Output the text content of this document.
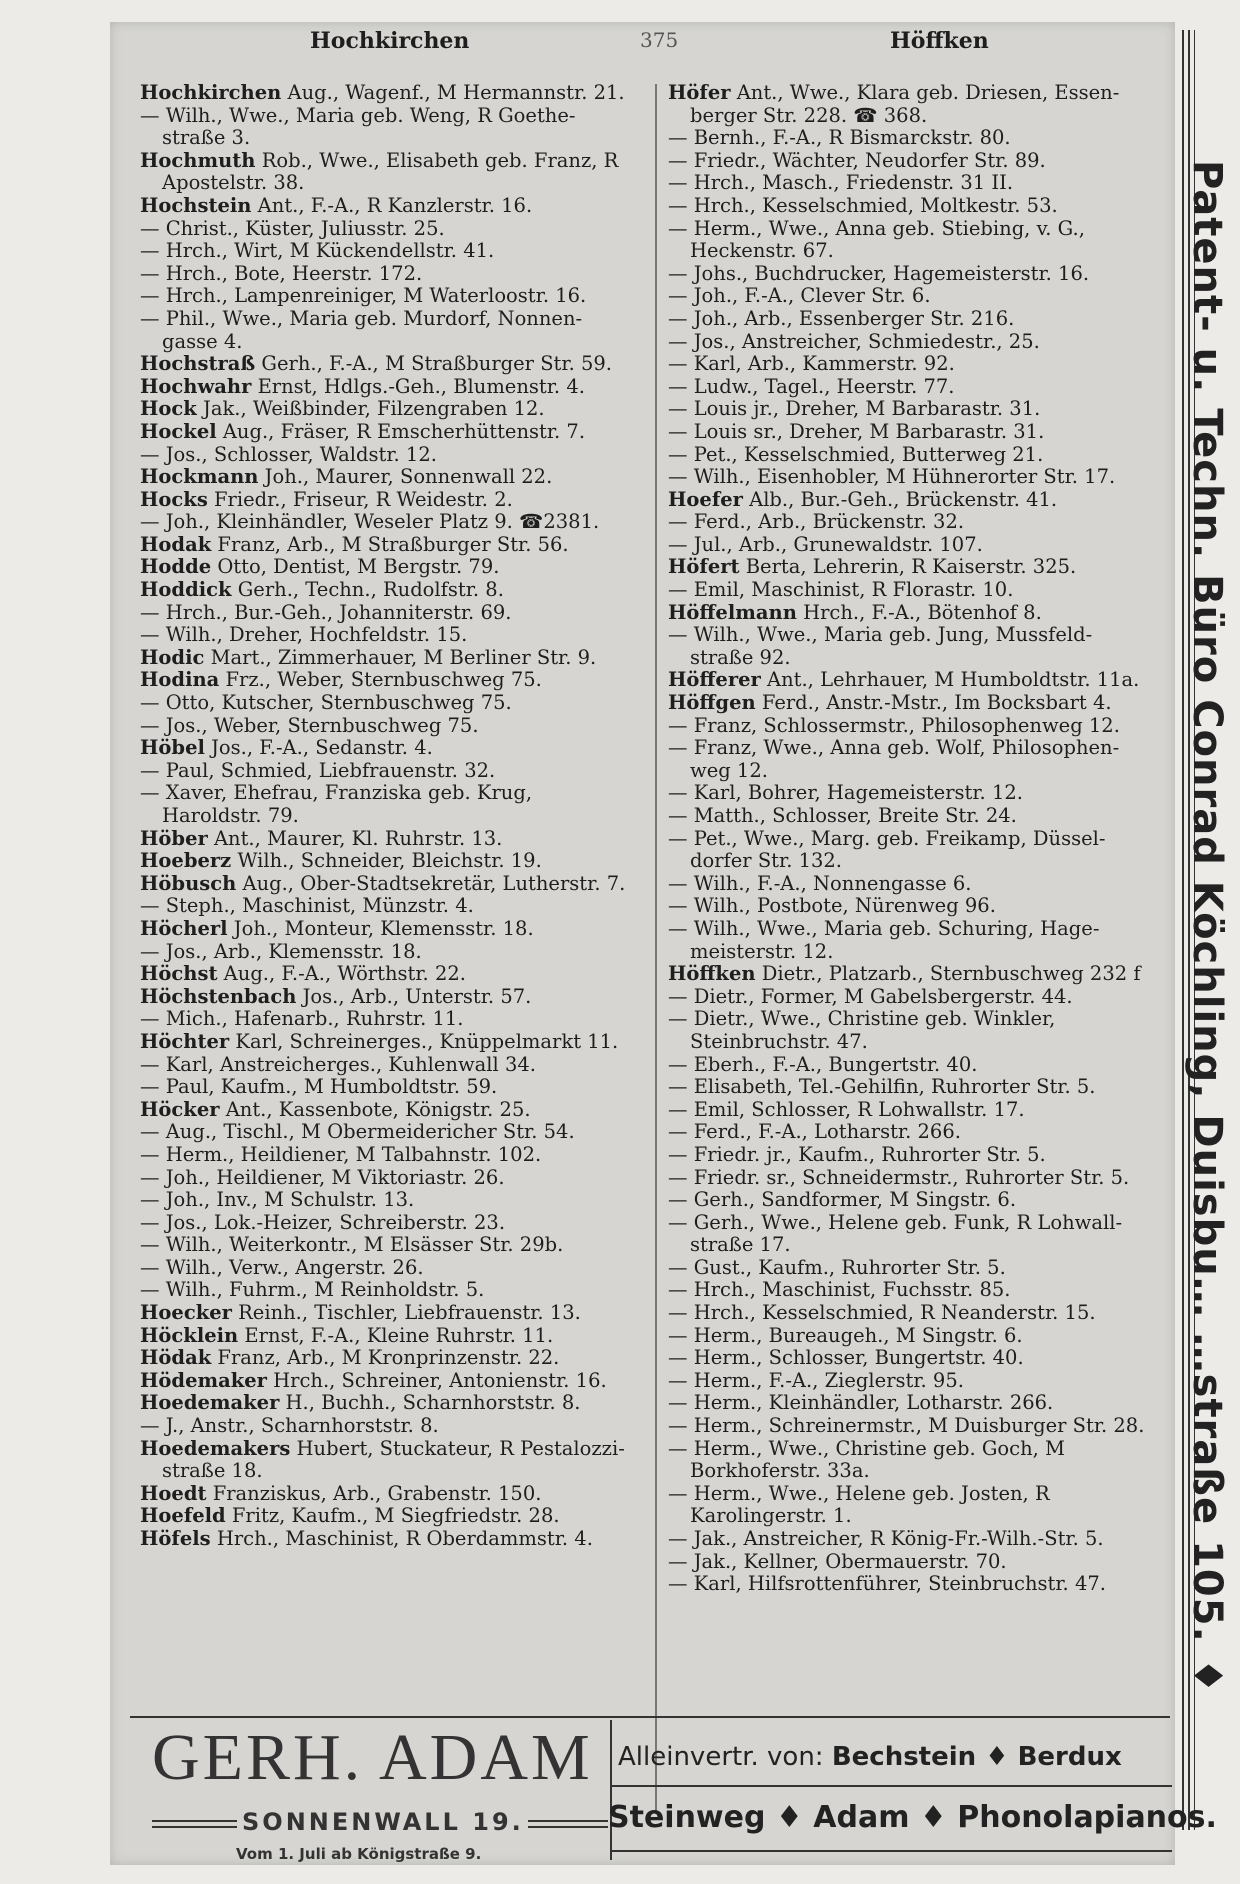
Hochkirchen	375	Höffken
Hochkirchen Aug., Wagenf., M Hermannstr. 21.
— Wilh., Wwe., Maria geb. Weng, R Goethe-
straße 3.
Hochmuth Rob., Wwe., Elisabeth geb. Franz, R
Apostelstr. 38.
Hochstein Ant., F.-A., R Kanzlerstr. 16.
— Christ., Küster, Juliusstr. 25.
— Hrch., Wirt, M Kückendellstr. 41.
— Hrch., Bote, Heerstr. 172.
— Hrch., Lampenreiniger, M Waterloostr. 16.
— Phil., Wwe., Maria geb. Murdorf, Nonnen-
gasse 4.
Hochstraß Gerh., F.-A., M Straßburger Str. 59.
Hochwahr Ernst, Hdlgs.-Geh., Blumenstr. 4.
Hock Jak., Weißbinder, Filzengraben 12.
Hockel Aug., Fräser, R Emscherhüttenstr. 7.
— Jos., Schlosser, Waldstr. 12.
Hockmann Joh., Maurer, Sonnenwall 22.
Hocks Friedr., Friseur, R Weidestr. 2.
— Joh., Kleinhändler, Weseler Platz 9. ☎2381.
Hodak Franz, Arb., M Straßburger Str. 56.
Hodde Otto, Dentist, M Bergstr. 79.
Hoddick Gerh., Techn., Rudolfstr. 8.
— Hrch., Bur.-Geh., Johanniterstr. 69.
— Wilh., Dreher, Hochfeldstr. 15.
Hodic Mart., Zimmerhauer, M Berliner Str. 9.
Hodina Frz., Weber, Sternbuschweg 75.
— Otto, Kutscher, Sternbuschweg 75.
— Jos., Weber, Sternbuschweg 75.
Höbel Jos., F.-A., Sedanstr. 4.
— Paul, Schmied, Liebfrauenstr. 32.
— Xaver, Ehefrau, Franziska geb. Krug,
Haroldstr. 79.
Höber Ant., Maurer, Kl. Ruhrstr. 13.
Hoeberz Wilh., Schneider, Bleichstr. 19.
Höbusch Aug., Ober-Stadtsekretär, Lutherstr. 7.
— Steph., Maschinist, Münzstr. 4.
Höcherl Joh., Monteur, Klemensstr. 18.
— Jos., Arb., Klemensstr. 18.
Höchst Aug., F.-A., Wörthstr. 22.
Höchstenbach Jos., Arb., Unterstr. 57.
— Mich., Hafenarb., Ruhrstr. 11.
Höchter Karl, Schreinerges., Knüppelmarkt 11.
— Karl, Anstreicherges., Kuhlenwall 34.
— Paul, Kaufm., M Humboldtstr. 59.
Höcker Ant., Kassenbote, Königstr. 25.
— Aug., Tischl., M Obermeidericher Str. 54.
— Herm., Heildiener, M Talbahnstr. 102.
— Joh., Heildiener, M Viktoriastr. 26.
— Joh., Inv., M Schulstr. 13.
— Jos., Lok.-Heizer, Schreiberstr. 23.
— Wilh., Weiterkontr., M Elsässer Str. 29b.
— Wilh., Verw., Angerstr. 26.
— Wilh., Fuhrm., M Reinholdstr. 5.
Hoecker Reinh., Tischler, Liebfrauenstr. 13.
Höcklein Ernst, F.-A., Kleine Ruhrstr. 11.
Hödak Franz, Arb., M Kronprinzenstr. 22.
Hödemaker Hrch., Schreiner, Antonienstr. 16.
Hoedemaker H., Buchh., Scharnhorststr. 8.
— J., Anstr., Scharnhorststr. 8.
Hoedemakers Hubert, Stuckateur, R Pestalozzi-
straße 18.
Hoedt Franziskus, Arb., Grabenstr. 150.
Hoefeld Fritz, Kaufm., M Siegfriedstr. 28.
Höfels Hrch., Maschinist, R Oberdammstr. 4.
Höfer Ant., Wwe., Klara geb. Driesen, Essen-
berger Str. 228. ☎ 368.
— Bernh., F.-A., R Bismarckstr. 80.
— Friedr., Wächter, Neudorfer Str. 89.
— Hrch., Masch., Friedenstr. 31 II.
— Hrch., Kesselschmied, Moltkestr. 53.
— Herm., Wwe., Anna geb. Stiebing, v. G.,
Heckenstr. 67.
— Johs., Buchdrucker, Hagemeisterstr. 16.
— Joh., F.-A., Clever Str. 6.
— Joh., Arb., Essenberger Str. 216.
— Jos., Anstreicher, Schmiedestr., 25.
— Karl, Arb., Kammerstr. 92.
— Ludw., Tagel., Heerstr. 77.
— Louis jr., Dreher, M Barbarastr. 31.
— Louis sr., Dreher, M Barbarastr. 31.
— Pet., Kesselschmied, Butterweg 21.
— Wilh., Eisenhobler, M Hühnerorter Str. 17.
Hoefer Alb., Bur.-Geh., Brückenstr. 41.
— Ferd., Arb., Brückenstr. 32.
— Jul., Arb., Grunewaldstr. 107.
Höfert Berta, Lehrerin, R Kaiserstr. 325.
— Emil, Maschinist, R Florastr. 10.
Höffelmann Hrch., F.-A., Bötenhof 8.
— Wilh., Wwe., Maria geb. Jung, Mussfeld-
straße 92.
Höfferer Ant., Lehrhauer, M Humboldtstr. 11a.
Höffgen Ferd., Anstr.-Mstr., Im Bocksbart 4.
— Franz, Schlossermstr., Philosophenweg 12.
— Franz, Wwe., Anna geb. Wolf, Philosophen-
weg 12.
— Karl, Bohrer, Hagemeisterstr. 12.
— Matth., Schlosser, Breite Str. 24.
— Pet., Wwe., Marg. geb. Freikamp, Düssel-
dorfer Str. 132.
— Wilh., F.-A., Nonnengasse 6.
— Wilh., Postbote, Nürenweg 96.
— Wilh., Wwe., Maria geb. Schuring, Hage-
meisterstr. 12.
Höffken Dietr., Platzarb., Sternbuschweg 232 f
— Dietr., Former, M Gabelsbergerstr. 44.
— Dietr., Wwe., Christine geb. Winkler,
Steinbruchstr. 47.
— Eberh., F.-A., Bungertstr. 40.
— Elisabeth, Tel.-Gehilfin, Ruhrorter Str. 5.
— Emil, Schlosser, R Lohwallstr. 17.
— Ferd., F.-A., Lotharstr. 266.
— Friedr. jr., Kaufm., Ruhrorter Str. 5.
— Friedr. sr., Schneidermstr., Ruhrorter Str. 5.
— Gerh., Sandformer, M Singstr. 6.
— Gerh., Wwe., Helene geb. Funk, R Lohwall-
straße 17.
— Gust., Kaufm., Ruhrorter Str. 5.
— Hrch., Maschinist, Fuchsstr. 85.
— Hrch., Kesselschmied, R Neanderstr. 15.
— Herm., Bureaugeh., M Singstr. 6.
— Herm., Schlosser, Bungertstr. 40.
— Herm., F.-A., Zieglerstr. 95.
— Herm., Kleinhändler, Lotharstr. 266.
— Herm., Schreinermstr., M Duisburger Str. 28.
— Herm., Wwe., Christine geb. Goch, M
Borkhoferstr. 33a.
— Herm., Wwe., Helene geb. Josten, R
Karolingerstr. 1.
— Jak., Anstreicher, R König-Fr.-Wilh.-Str. 5.
— Jak., Kellner, Obermauerstr. 70.
— Karl, Hilfsrottenführer, Steinbruchstr. 47.	Patent- u. Techn. Büro Conrad Köchling, Duisbu… …straße 105. ♦
GERH. ADAM
SONNENWALL 19.
Vom 1. Juli ab Königstraße 9.
Alleinvertr. von: Bechstein ♦ Berdux
Steinweg ♦ Adam ♦ Phonolapianos.
